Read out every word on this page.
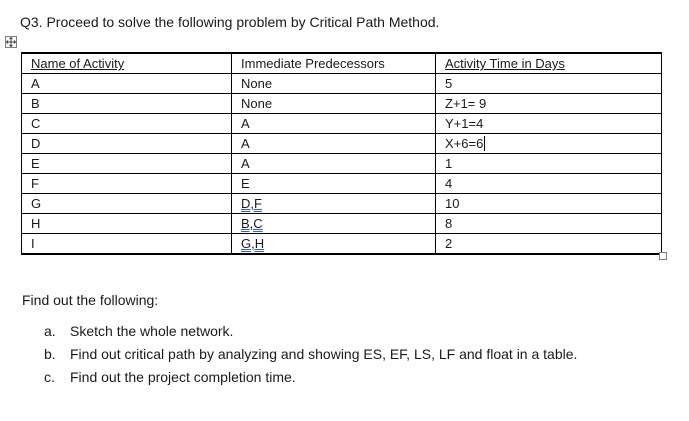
Q3. Proceed to solve the following problem by Critical Path Method.
Name of Activity	Immediate Predecessors	Activity Time in Days
A	None	5
B	None	Z+1= 9
C	A	Y+1=4
D	A	X+6=6
E	A	1
F	E	4
G	D,F	10
H	B,C	8
I	G,H	2
Find out the following:
a. Sketch the whole network.
b. Find out critical path by analyzing and showing ES, EF, LS, LF and float in a table.
c. Find out the project completion time.
